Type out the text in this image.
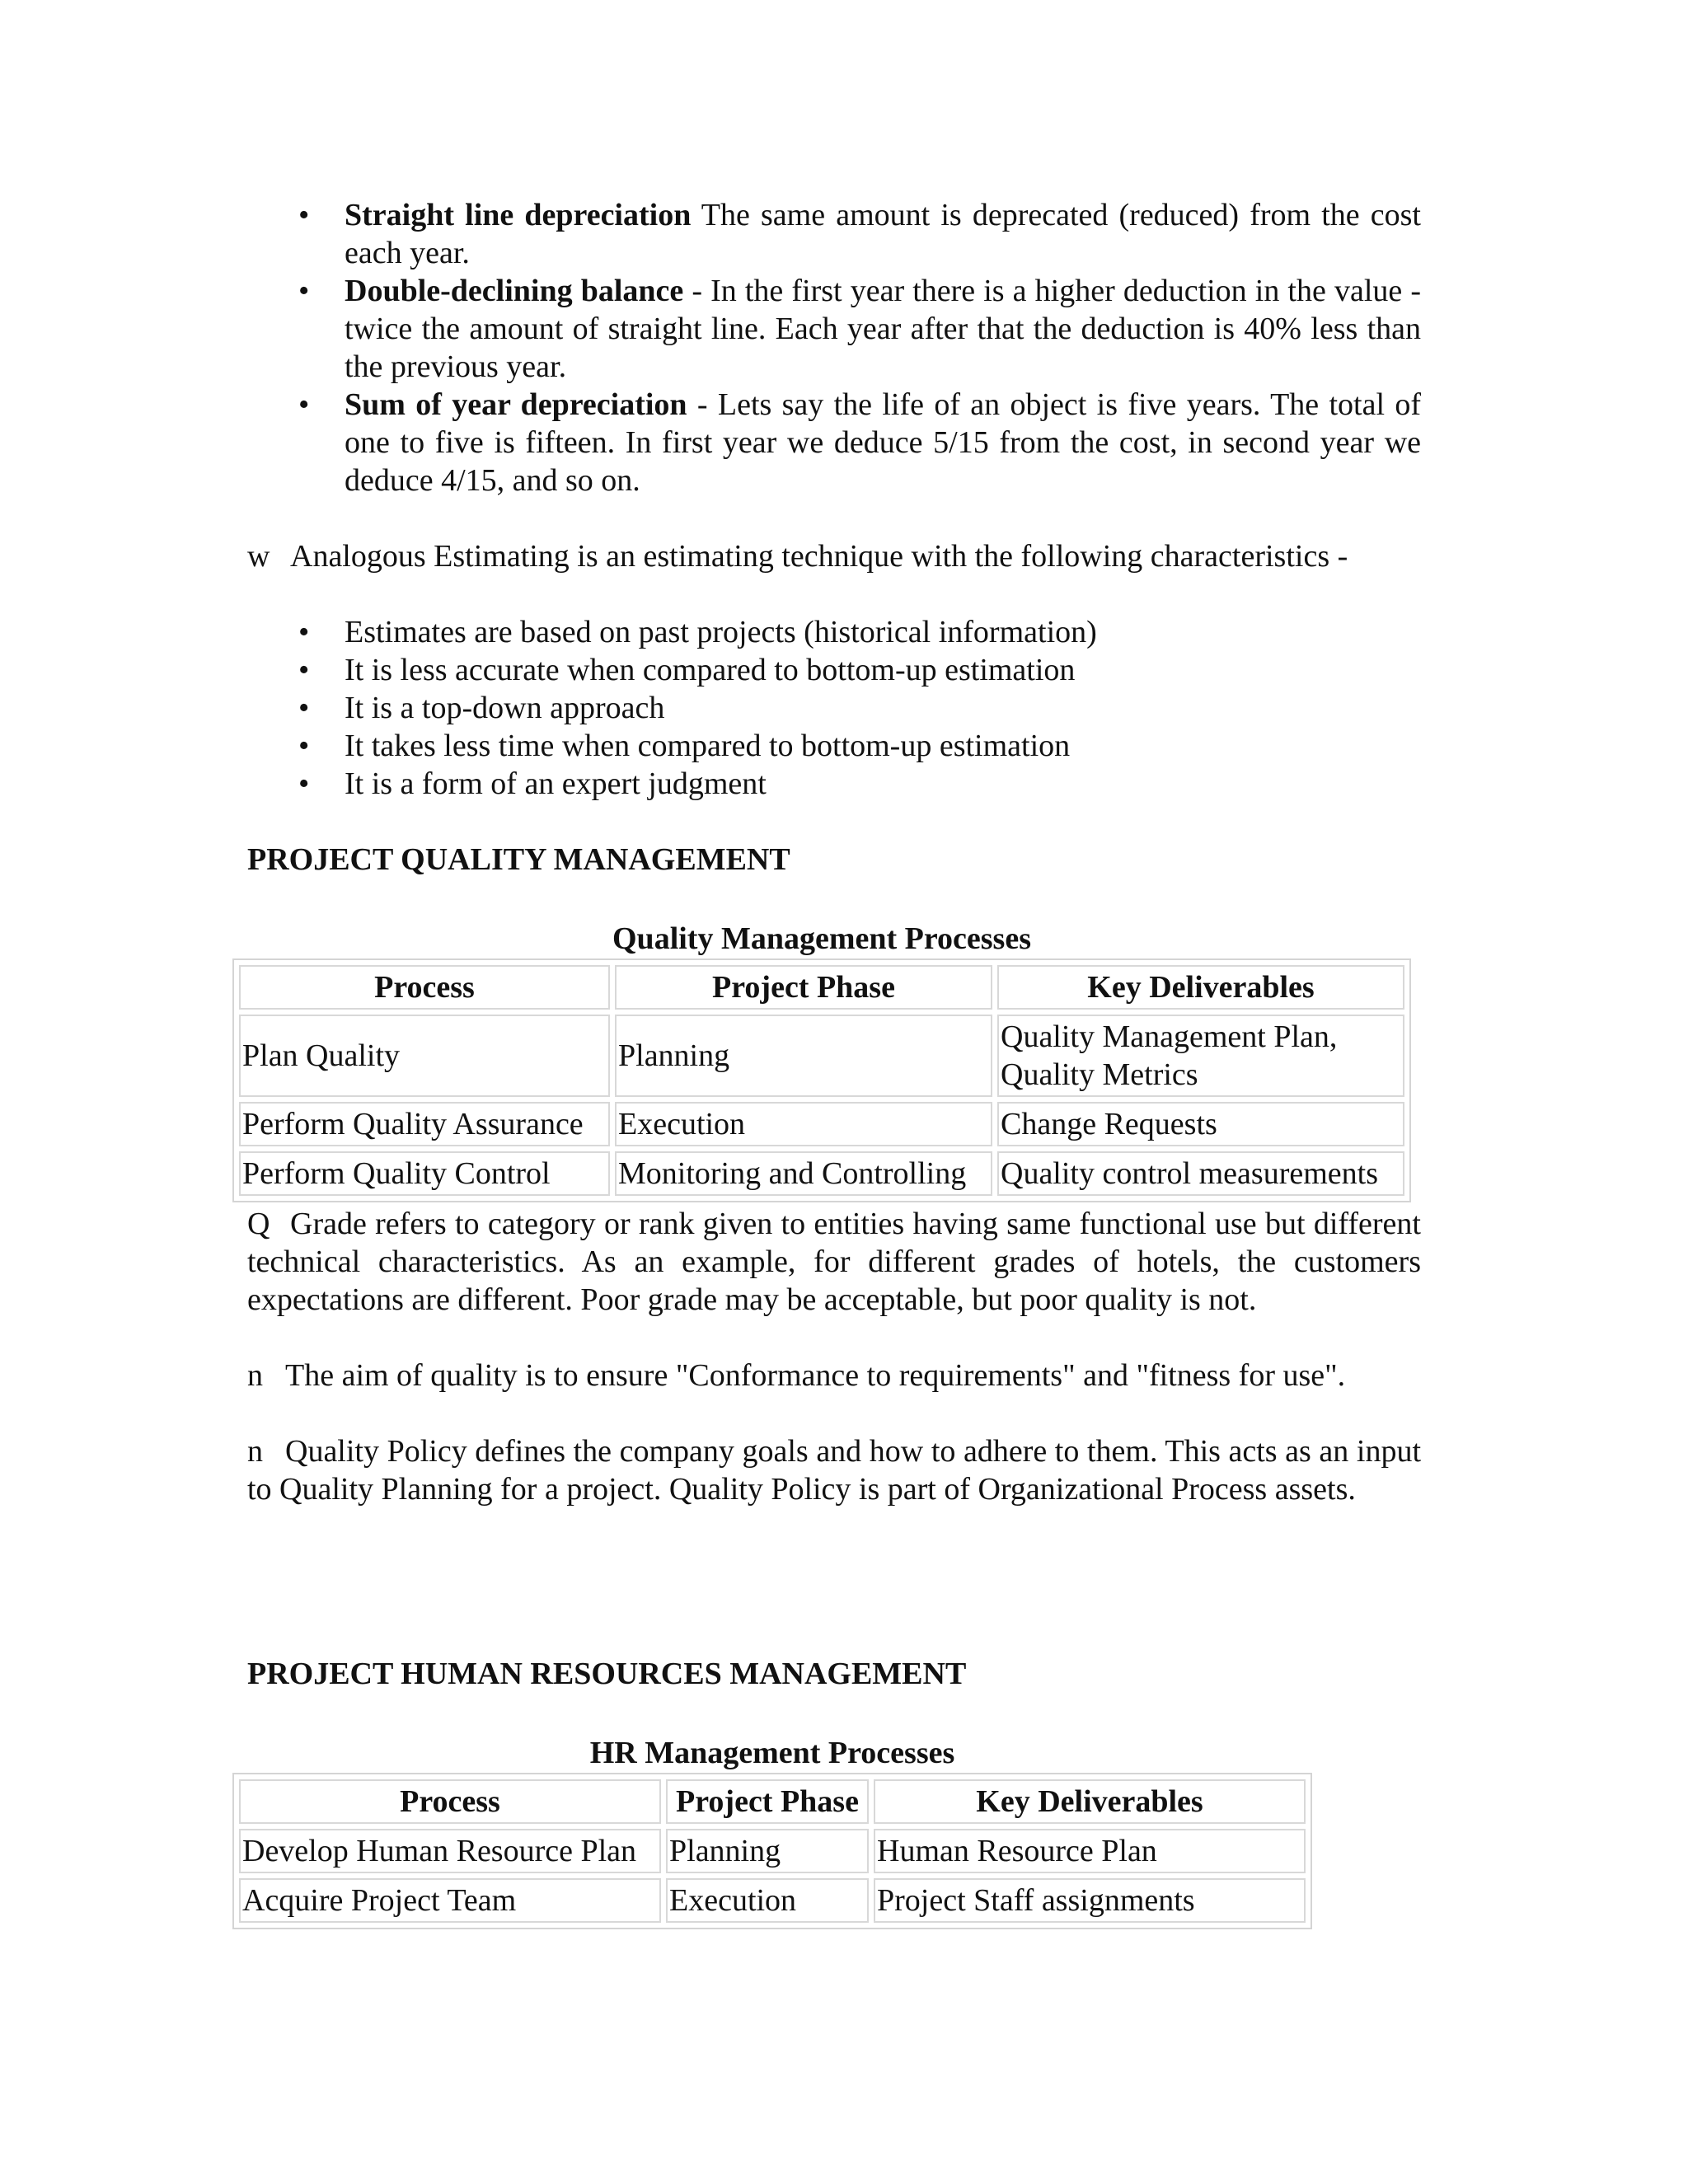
• Straight line depreciation The same amount is deprecated (reduced) from the cost each year.
• Double-declining balance - In the first year there is a higher deduction in the value - twice the amount of straight line. Each year after that the deduction is 40% less than the previous year.
• Sum of year depreciation - Lets say the life of an object is five years. The total of one to five is fifteen. In first year we deduce 5/15 from the cost, in second year we deduce 4/15, and so on.
w Analogous Estimating is an estimating technique with the following characteristics -
• Estimates are based on past projects (historical information)
• It is less accurate when compared to bottom-up estimation
• It is a top-down approach
• It takes less time when compared to bottom-up estimation
• It is a form of an expert judgment
PROJECT QUALITY MANAGEMENT
Quality Management Processes
Process	Project Phase	Key Deliverables
Plan Quality	Planning	Quality Management Plan, Quality Metrics
Perform Quality Assurance	Execution	Change Requests
Perform Quality Control	Monitoring and Controlling	Quality control measurements
Q Grade refers to category or rank given to entities having same functional use but different technical characteristics. As an example, for different grades of hotels, the customers expectations are different. Poor grade may be acceptable, but poor quality is not.
n The aim of quality is to ensure "Conformance to requirements" and "fitness for use".
n Quality Policy defines the company goals and how to adhere to them. This acts as an input to Quality Planning for a project. Quality Policy is part of Organizational Process assets.
PROJECT HUMAN RESOURCES MANAGEMENT
HR Management Processes
Process	Project Phase	Key Deliverables
Develop Human Resource Plan	Planning	Human Resource Plan
Acquire Project Team	Execution	Project Staff assignments
